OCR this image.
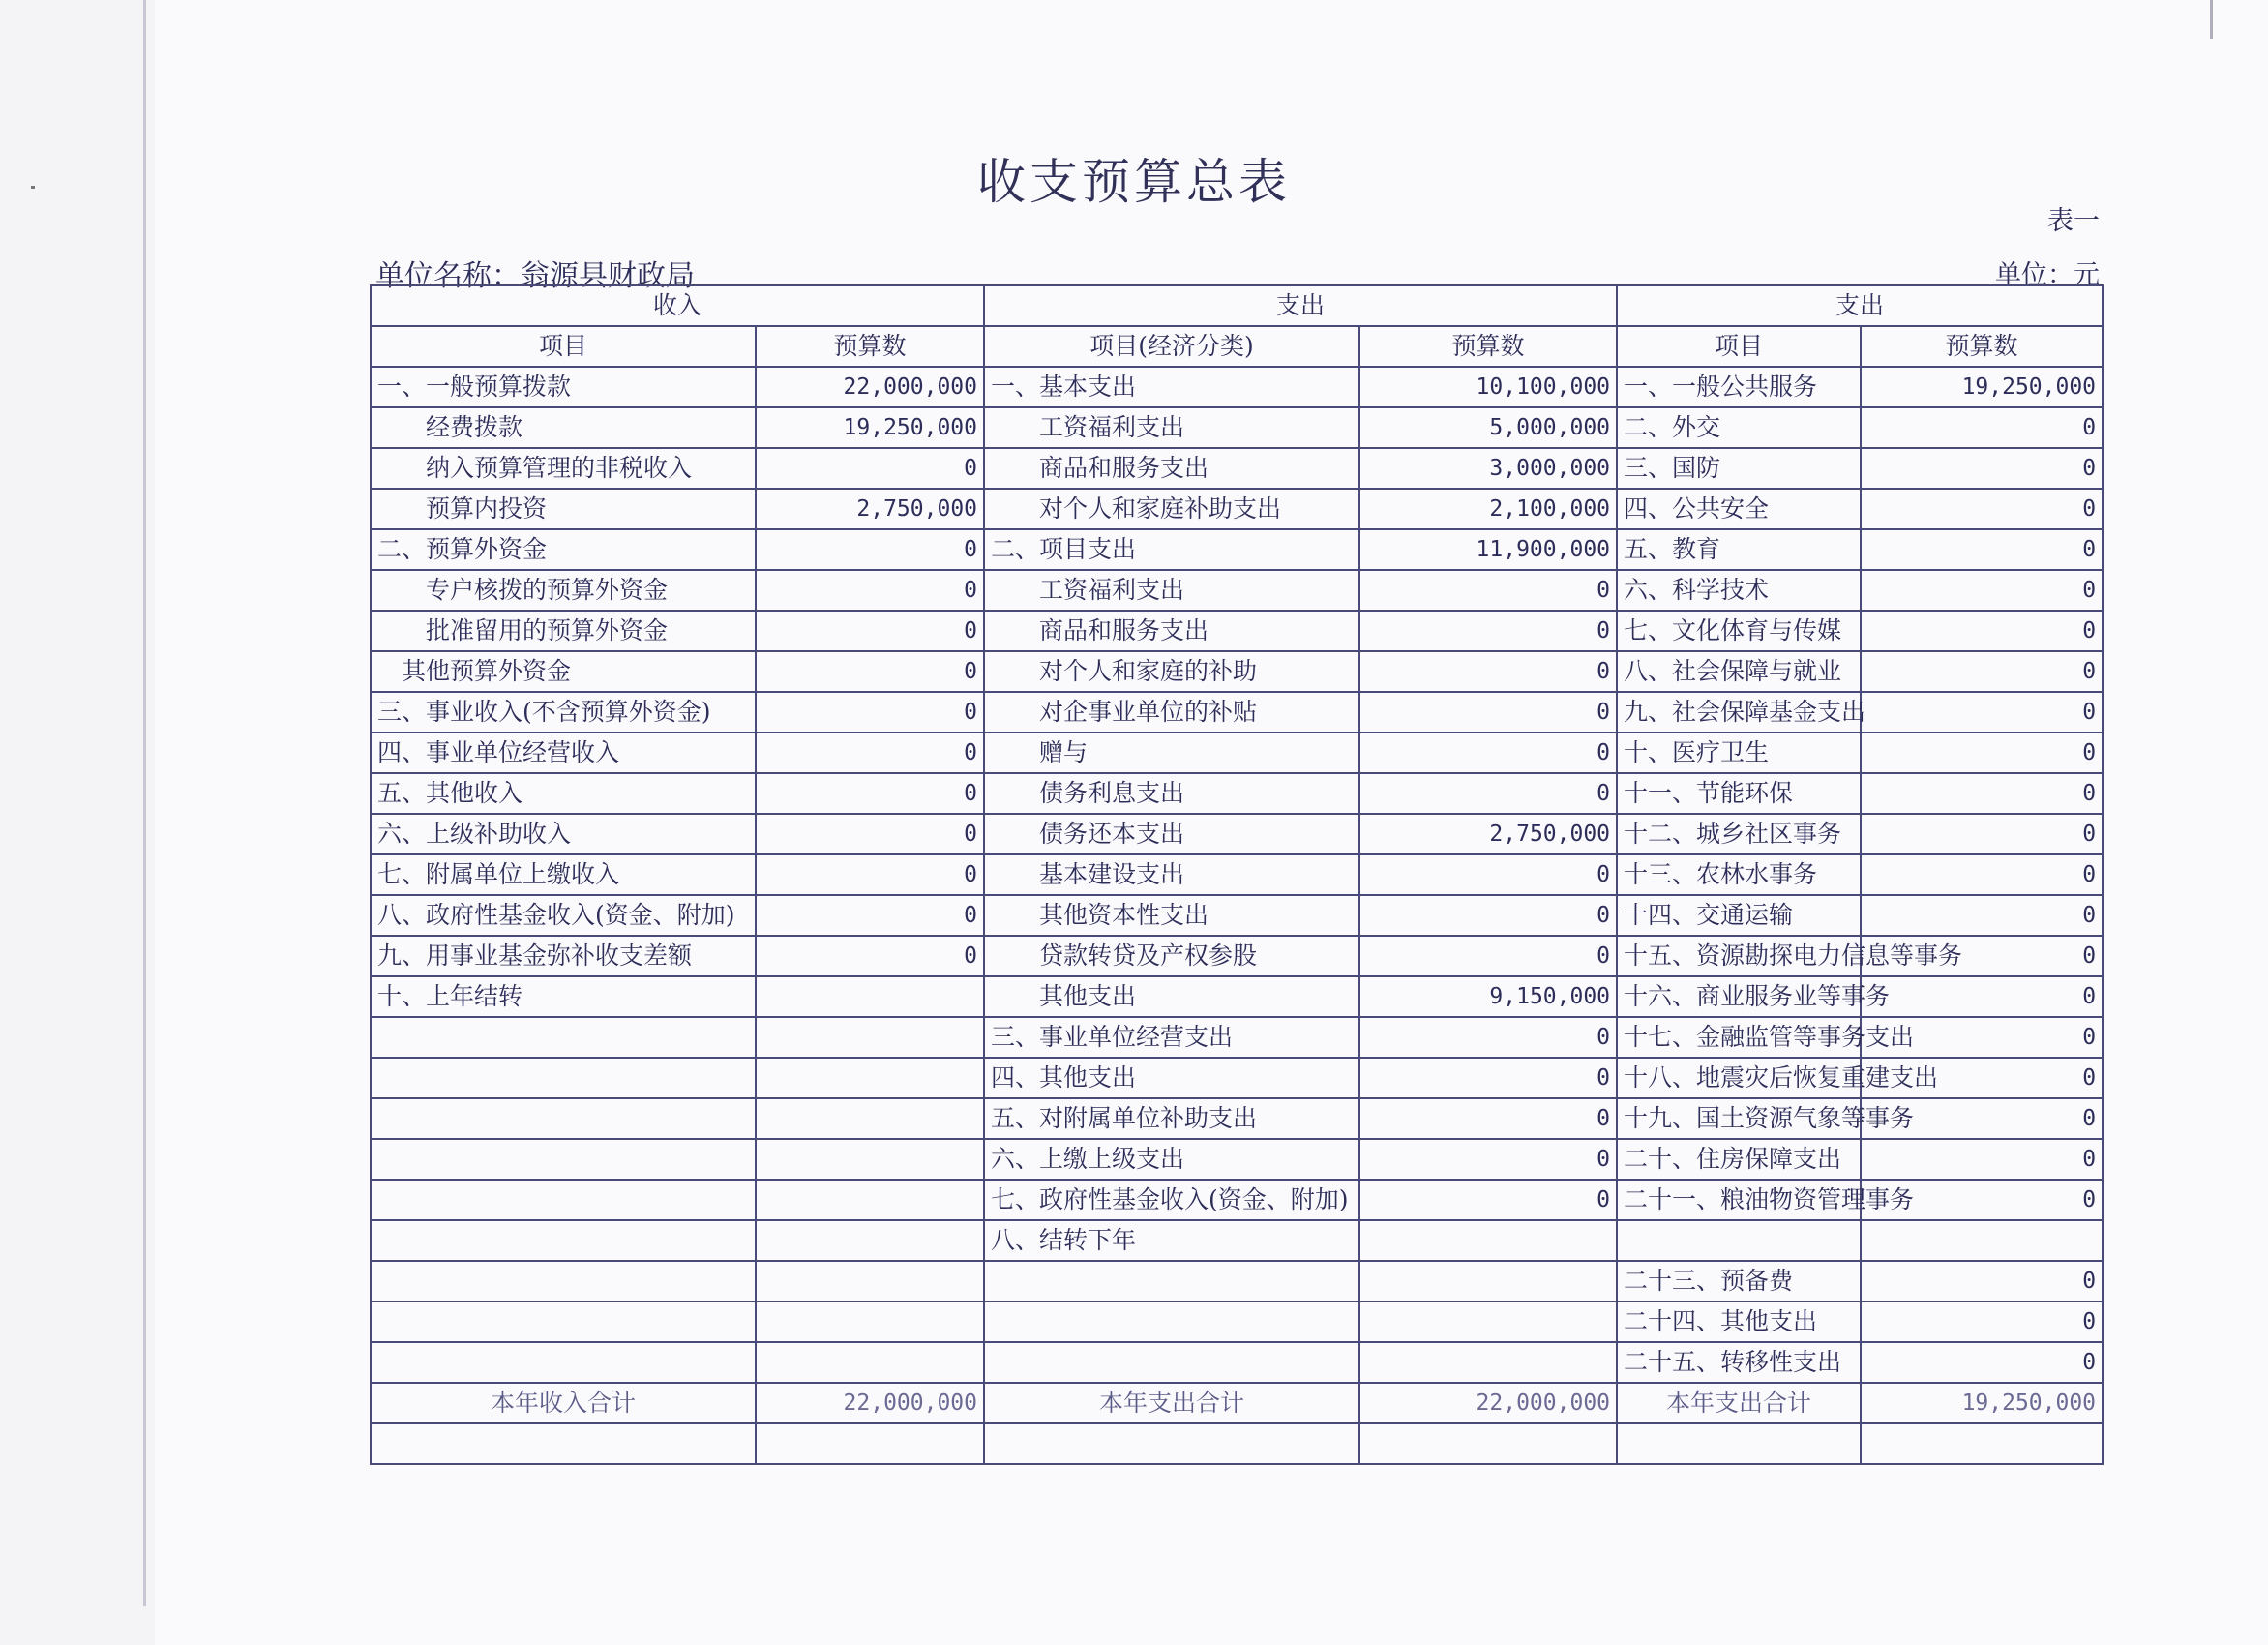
收支预算总表
表一
单位名称：翁源县财政局	单位：元
收入		支出		支出	
项目	预算数	项目(经济分类)	预算数	项目	预算数
一、一般预算拨款	22,000,000	一、基本支出	10,100,000	一、一般公共服务	19,250,000
　　经费拨款	19,250,000	　　工资福利支出	5,000,000	二、外交	0
　　纳入预算管理的非税收入	0	　　商品和服务支出	3,000,000	三、国防	0
　　预算内投资	2,750,000	　　对个人和家庭补助支出	2,100,000	四、公共安全	0
二、预算外资金	0	二、项目支出	11,900,000	五、教育	0
　　专户核拨的预算外资金	0	　　工资福利支出	0	六、科学技术	0
　　批准留用的预算外资金	0	　　商品和服务支出	0	七、文化体育与传媒	0
　其他预算外资金	0	　　对个人和家庭的补助	0	八、社会保障与就业	0
三、事业收入(不含预算外资金)	0	　　对企事业单位的补贴	0	九、社会保障基金支出	0
四、事业单位经营收入	0	　　赠与	0	十、医疗卫生	0
五、其他收入	0	　　债务利息支出	0	十一、节能环保	0
六、上级补助收入	0	　　债务还本支出	2,750,000	十二、城乡社区事务	0
七、附属单位上缴收入	0	　　基本建设支出	0	十三、农林水事务	0
八、政府性基金收入(资金、附加)	0	　　其他资本性支出	0	十四、交通运输	0
九、用事业基金弥补收支差额	0	　　贷款转贷及产权参股	0	十五、资源勘探电力信息等事务	0
十、上年结转		　　其他支出	9,150,000	十六、商业服务业等事务	0
		三、事业单位经营支出	0	十七、金融监管等事务支出	0
		四、其他支出	0	十八、地震灾后恢复重建支出	0
		五、对附属单位补助支出	0	十九、国土资源气象等事务	0
		六、上缴上级支出	0	二十、住房保障支出	0
		七、政府性基金收入(资金、附加)	0	二十一、粮油物资管理事务	0
		八、结转下年			
				二十三、预备费	0
				二十四、其他支出	0
				二十五、转移性支出	0
本年收入合计	22,000,000	本年支出合计	22,000,000	本年支出合计	19,250,000
